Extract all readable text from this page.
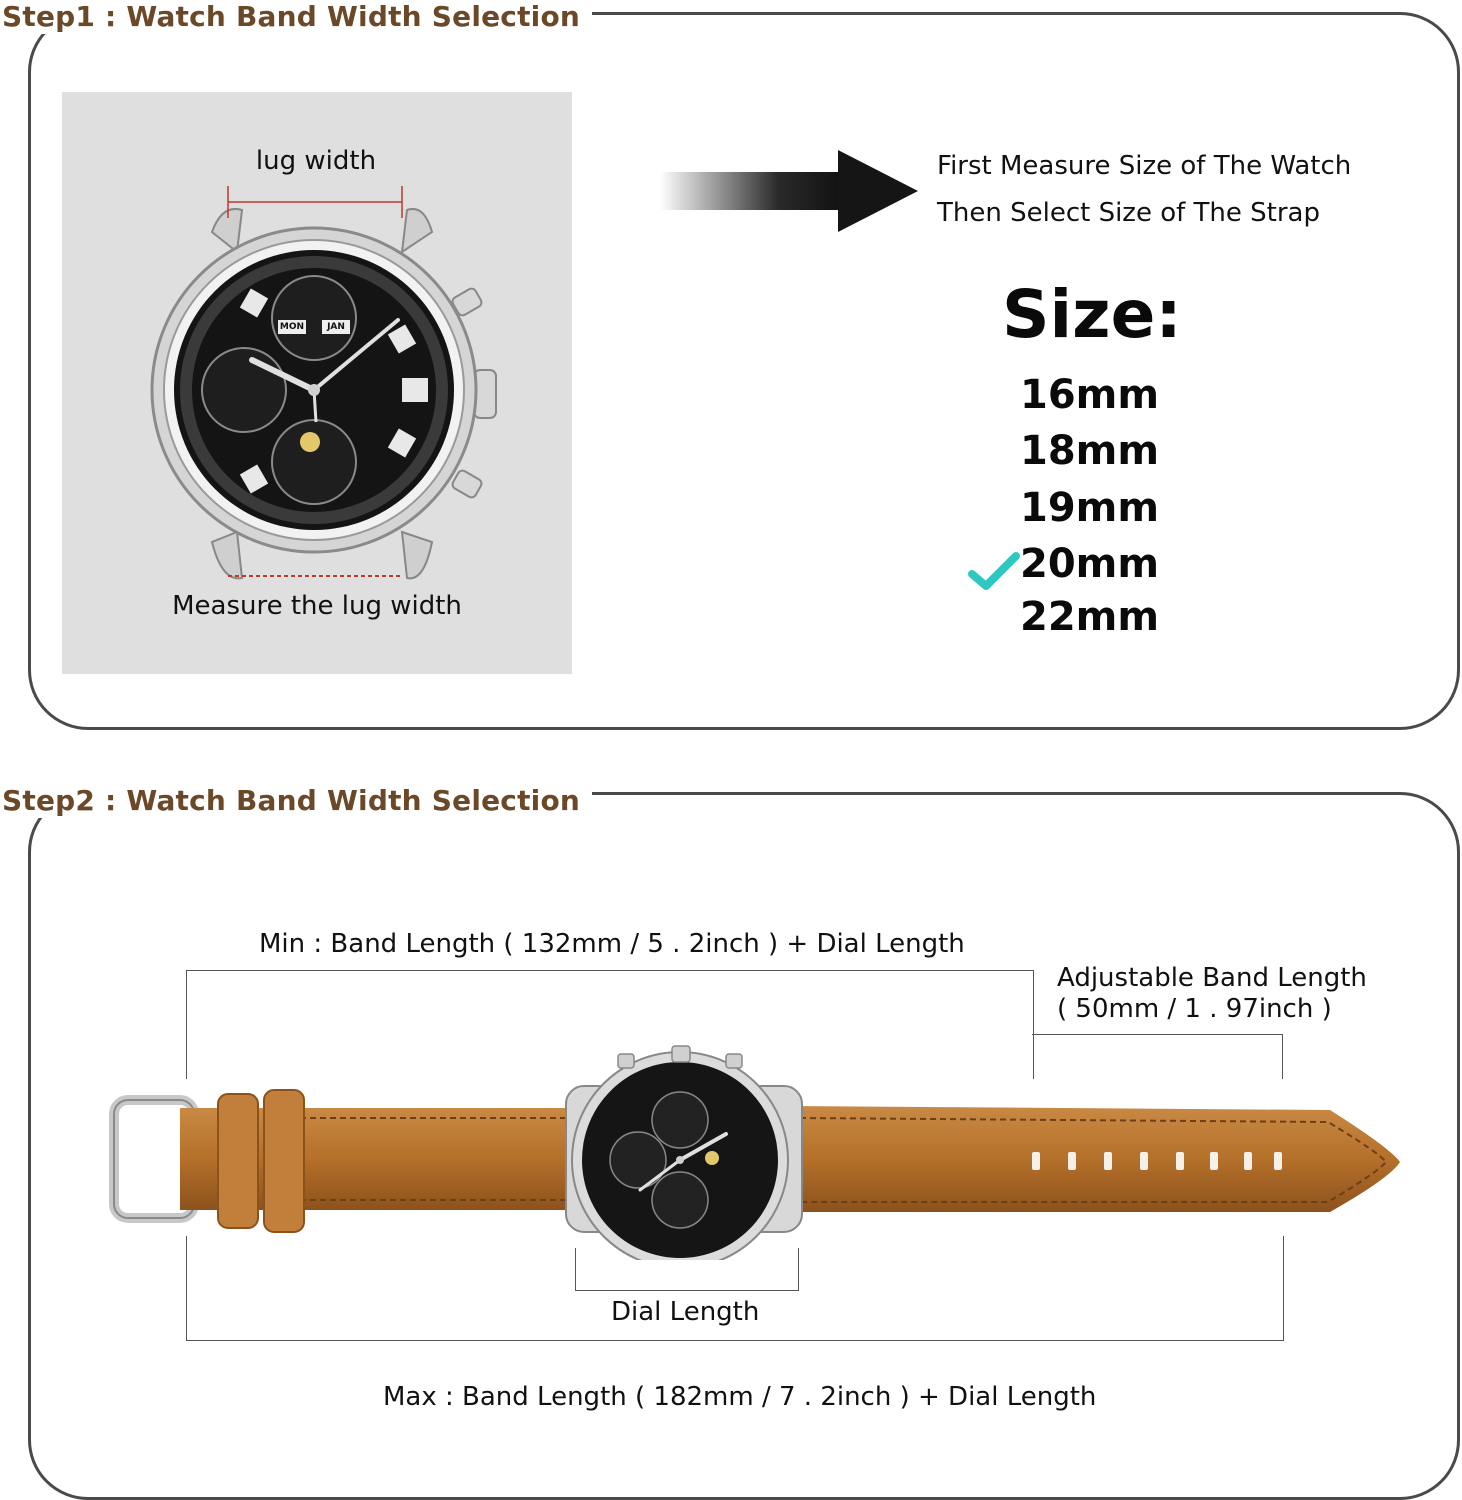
Step1 : Watch Band Width Selection
MON	JAN
lug width
Measure the lug width
First Measure Size of The Watch
Then Select Size of The Strap
Size:
16mm
18mm
19mm
20mm
22mm
Step2 : Watch Band Width Selection
Min : Band Length ( 132mm / 5 . 2inch ) + Dial Length
Adjustable Band Length
( 50mm / 1 . 97inch )
Dial Length
Max : Band Length ( 182mm / 7 . 2inch ) + Dial Length
